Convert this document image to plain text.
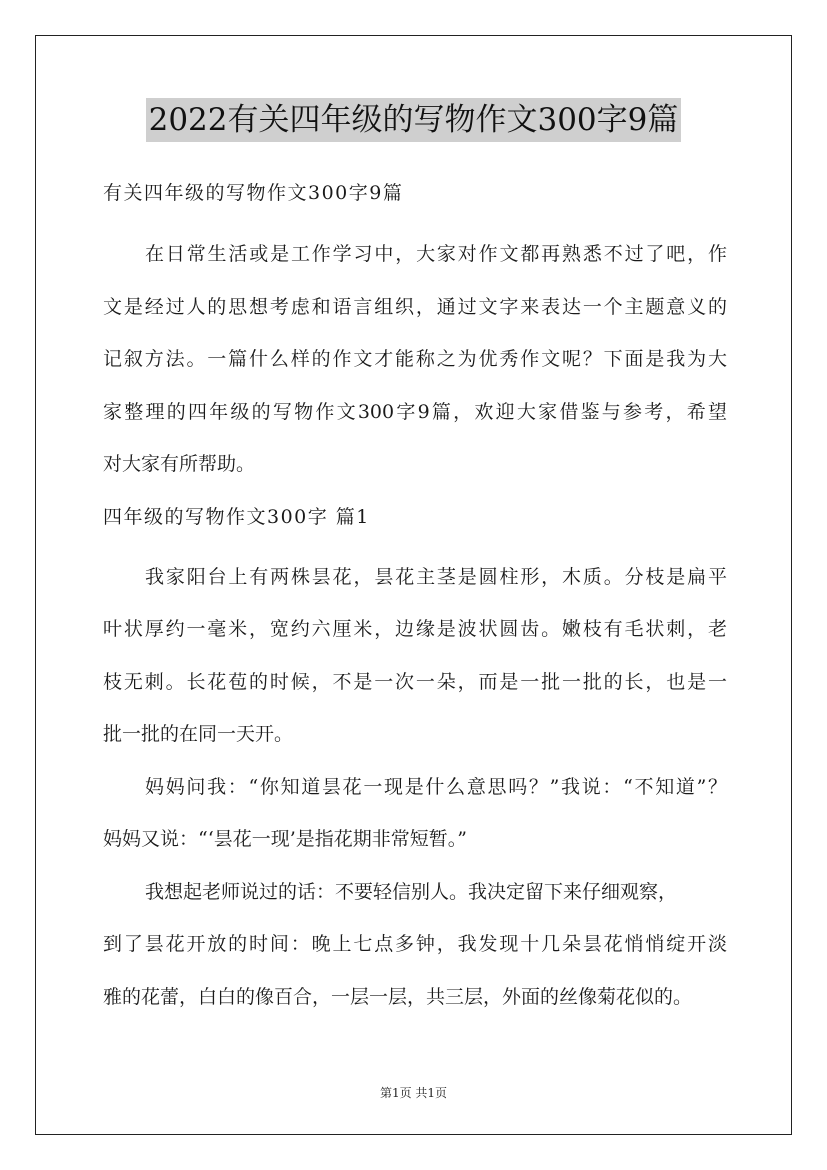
2022有关四年级的写物作文300字9篇
有关四年级的写物作文300字9篇
在日常生活或是工作学习中，大家对作文都再熟悉不过了吧，作
文是经过人的思想考虑和语言组织，通过文字来表达一个主题意义的
记叙方法。一篇什么样的作文才能称之为优秀作文呢？下面是我为大
家整理的四年级的写物作文300字9篇，欢迎大家借鉴与参考，希望
对大家有所帮助。
四年级的写物作文300字 篇1
我家阳台上有两株昙花，昙花主茎是圆柱形，木质。分枝是扁平
叶状厚约一毫米，宽约六厘米，边缘是波状圆齿。嫩枝有毛状刺，老
枝无刺。长花苞的时候，不是一次一朵，而是一批一批的长，也是一
批一批的在同一天开。
妈妈问我：“你知道昙花一现是什么意思吗？”我说：“不知道”？
妈妈又说：“‘昙花一现’是指花期非常短暂。”
我想起老师说过的话：不要轻信别人。我决定留下来仔细观察，
到了昙花开放的时间：晚上七点多钟，我发现十几朵昙花悄悄绽开淡
雅的花蕾，白白的像百合，一层一层，共三层，外面的丝像菊花似的。
第1页 共1页
